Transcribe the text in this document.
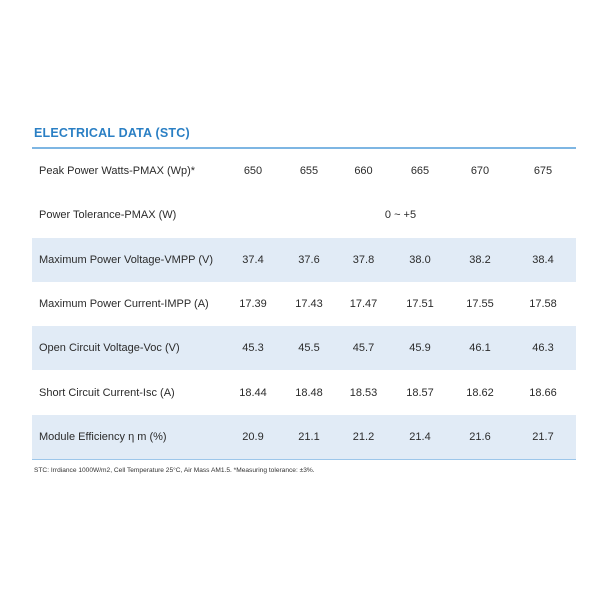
ELECTRICAL DATA (STC)
Peak Power Watts-PMAX (Wp)*	650	655	660	665	670	675
Power Tolerance-PMAX (W)	0 ~ +5					
Maximum Power Voltage-VMPP (V)	37.4	37.6	37.8	38.0	38.2	38.4
Maximum Power Current-IMPP (A)	17.39	17.43	17.47	17.51	17.55	17.58
Open Circuit Voltage-Voc (V)	45.3	45.5	45.7	45.9	46.1	46.3
Short Circuit Current-Isc (A)	18.44	18.48	18.53	18.57	18.62	18.66
Module Efficiency η m (%)	20.9	21.1	21.2	21.4	21.6	21.7
STC: Irrdiance 1000W/m2, Cell Temperature 25°C, Air Mass AM1.5. *Measuring tolerance: ±3%.
